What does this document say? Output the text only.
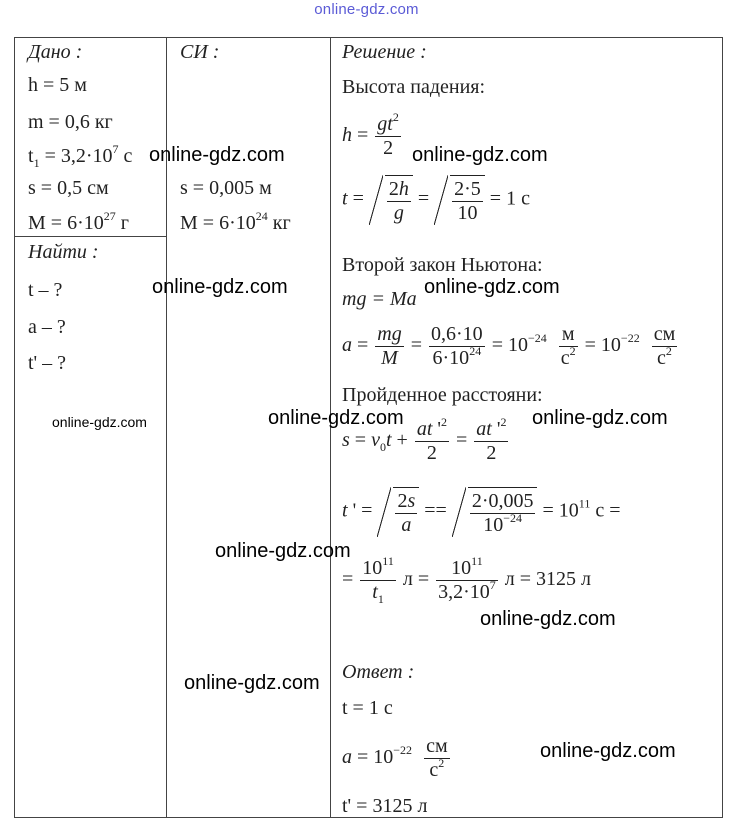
online-gdz.com
Дано :
h = 5 м
m = 0,6 кг
$t_1 = 3,2\cdot 10^7$ с
s = 0,5 см
$M = 6\cdot 10^{27}$ г
Найти :
t – ?
a – ?
t' – ?
СИ :
s = 0,005 м
$M = 6\cdot 10^{24}$ кг
Решение :
Высота падения:
$h = \frac{gt^2}{2}$
$t = \frac{2h}{g} = \frac{2\cdot 5}{10} = 1$ с
Второй закон Ньютона:
mg = Ma
$a = \frac{mg}{M} = \frac{0,6\cdot 10}{6\cdot 10^{24}} = 10^{-24} \frac{м}{с^2} = 10^{-22} \frac{см}{с^2}$
Пройденное расстояни:
$s = v_0t + \frac{at '^2}{2} = \frac{at '^2}{2}$
t ' = $\frac{2s}{a} == \frac{2\cdot 0,005}{10^{-24}} = 10^{11}$ с =
= $\frac{10^{11}}{t_1}$ $л = \frac{10^{11}}{3,2\cdot 10^7}$ л = 3125 л
Ответ :
t = 1 с
$a = 10^{-22} \frac{см}{с^2}$
t' = 3125 л
online-gdz.com	online-gdz.com
online-gdz.com	online-gdz.com
online-gdz.com	online-gdz.com	online-gdz.com
online-gdz.com
online-gdz.com
online-gdz.com
online-gdz.com
